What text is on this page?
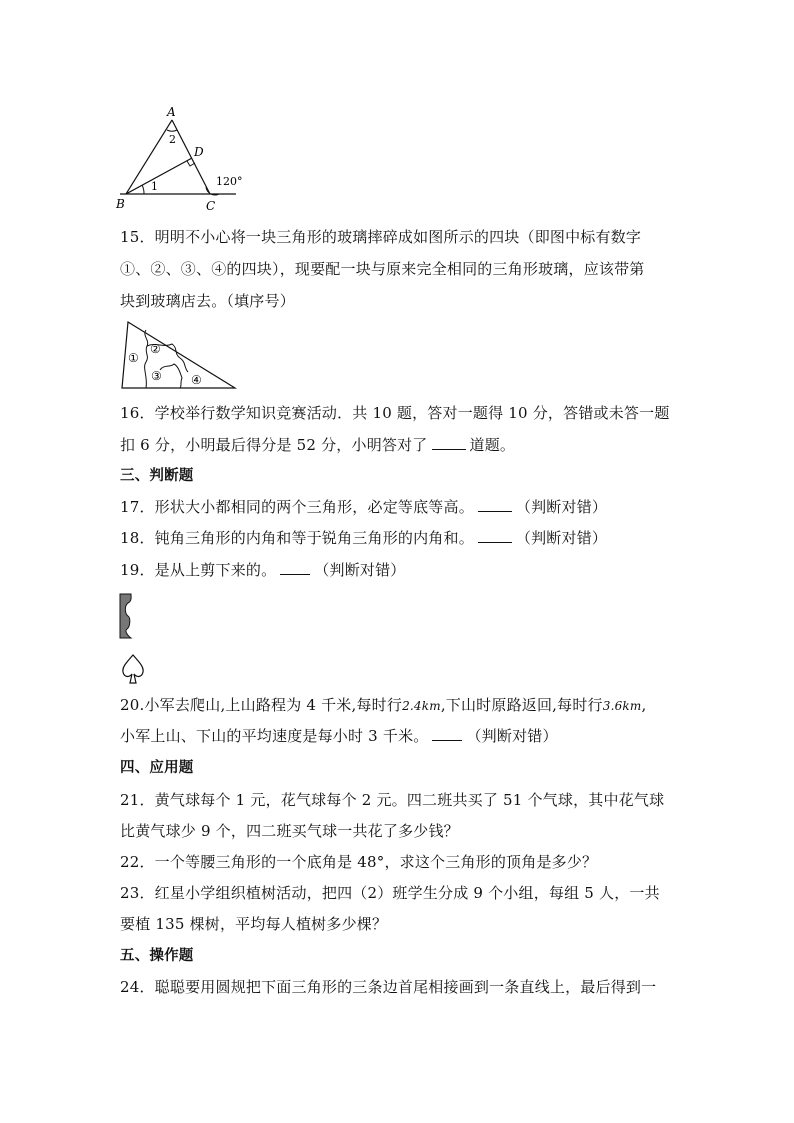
A
B	C
D
1
2
120°
15．明明不小心将一块三角形的玻璃摔碎成如图所示的四块（即图中标有数字
①、②、③、④的四块），现要配一块与原来完全相同的三角形玻璃，应该带第
块到玻璃店去。（填序号）
①
②
③ ④
16．学校举行数学知识竞赛活动．共 10 题，答对一题得 10 分，答错或未答一题
扣 6 分，小明最后得分是 52 分，小明答对了	道题。
三、判断题
17．形状大小都相同的两个三角形，必定等底等高。	（判断对错）
18．钝角三角形的内角和等于锐角三角形的内角和。	（判断对错）
19．是从上剪下来的。	（判断对错）
20.小军去爬山,上山路程为 4 千米,每时行2.4km,下山时原路返回,每时行3.6km,
小军上山、下山的平均速度是每小时 3 千米。	（判断对错）
四、应用题
21．黄气球每个 1 元，花气球每个 2 元。四二班共买了 51 个气球，其中花气球
比黄气球少 9 个，四二班买气球一共花了多少钱？
22．一个等腰三角形的一个底角是 48°，求这个三角形的顶角是多少？
23．红星小学组织植树活动，把四（2）班学生分成 9 个小组，每组 5 人，一共
要植 135 棵树，平均每人植树多少棵？
五、操作题
24．聪聪要用圆规把下面三角形的三条边首尾相接画到一条直线上，最后得到一
